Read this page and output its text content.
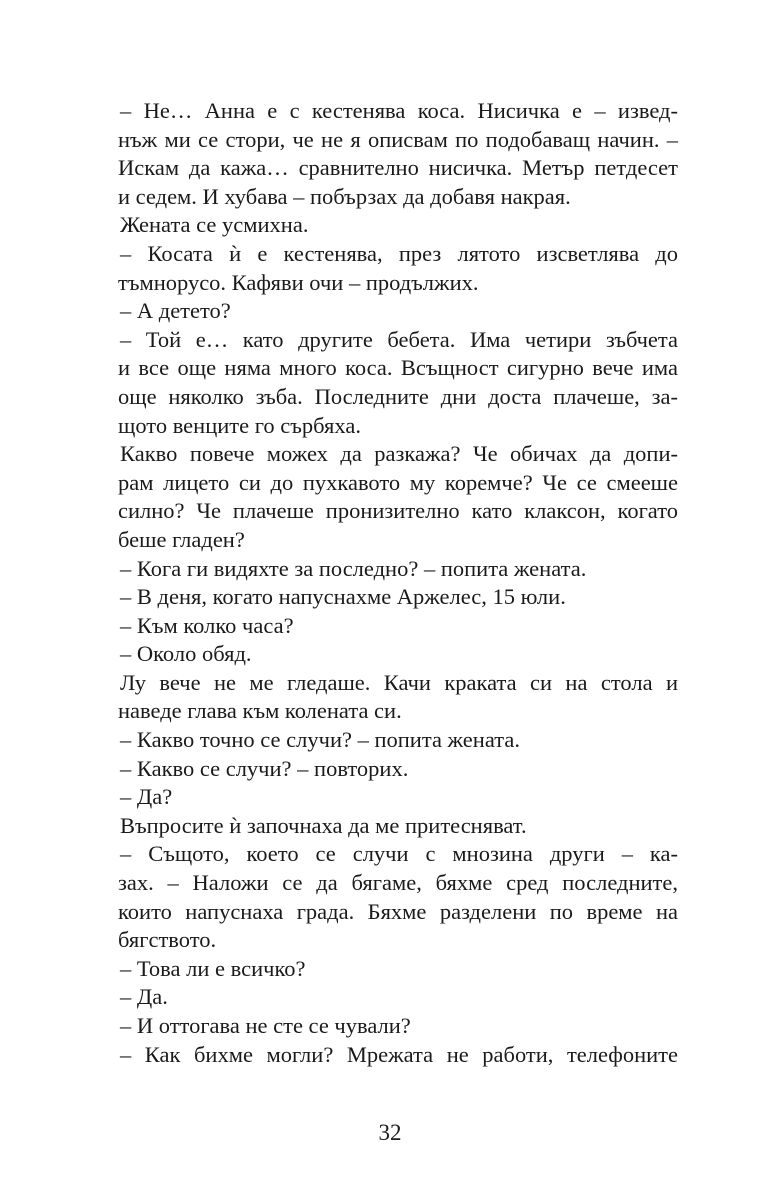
– Не… Анна е с кестенява коса. Нисичка е – извед-
нъж ми се стори, че не я описвам по подобаващ начин. –
Искам да кажа… сравнително нисичка. Метър петдесет
и седем. И хубава – побързах да добавя накрая.
Жената се усмихна.
– Косата ѝ е кестенява, през лятото изсветлява до
тъмнорусо. Кафяви очи – продължих.
– А детето?
– Той е… като другите бебета. Има четири зъбчета
и все още няма много коса. Всъщност сигурно вече има
още няколко зъба. Последните дни доста плачеше, за-
щото венците го сърбяха.
Какво повече можех да разкажа? Че обичах да допи-
рам лицето си до пухкавото му коремче? Че се смееше
силно? Че плачеше пронизително като клаксон, когато
беше гладен?
– Кога ги видяхте за последно? – попита жената.
– В деня, когато напуснахме Аржелес, 15 юли.
– Към колко часа?
– Около обяд.
Лу вече не ме гледаше. Качи краката си на стола и
наведе глава към колената си.
– Какво точно се случи? – попита жената.
– Какво се случи? – повторих.
– Да?
Въпросите ѝ започнаха да ме притесняват.
– Същото, което се случи с мнозина други – ка-
зах. – Наложи се да бягаме, бяхме сред последните,
които напуснаха града. Бяхме разделени по време на
бягството.
– Това ли е всичко?
– Да.
– И оттогава не сте се чували?
– Как бихме могли? Мрежата не работи, телефоните
32
